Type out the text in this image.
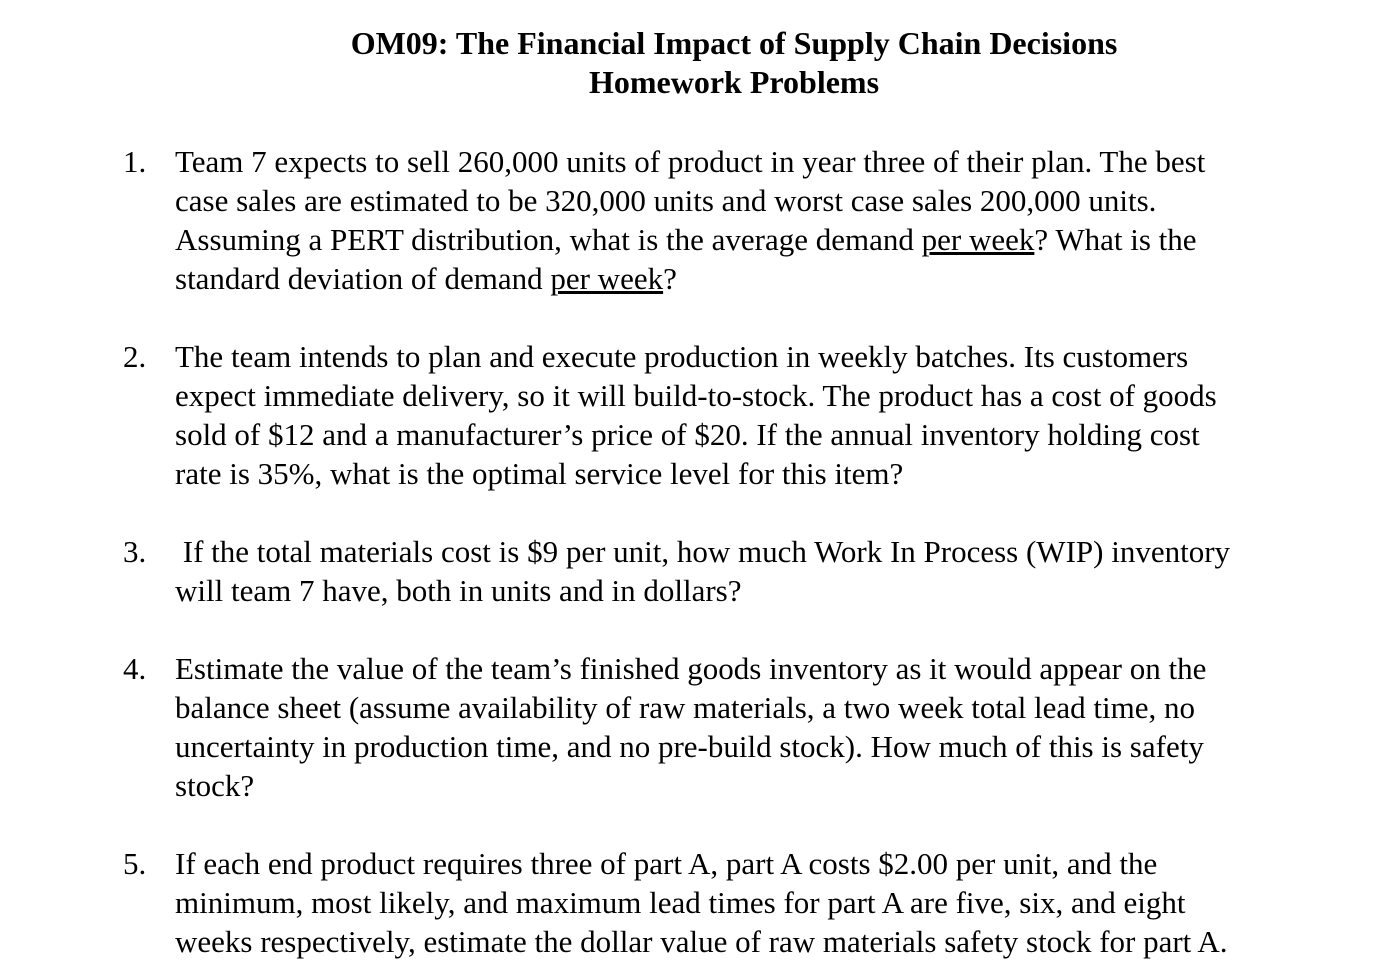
OM09: The Financial Impact of Supply Chain Decisions
Homework Problems
1. Team 7 expects to sell 260,000 units of product in year three of their plan. The best
case sales are estimated to be 320,000 units and worst case sales 200,000 units.
Assuming a PERT distribution, what is the average demand per week? What is the
standard deviation of demand per week?
2. The team intends to plan and execute production in weekly batches. Its customers
expect immediate delivery, so it will build-to-stock. The product has a cost of goods
sold of $12 and a manufacturer’s price of $20. If the annual inventory holding cost
rate is 35%, what is the optimal service level for this item?
3. If the total materials cost is $9 per unit, how much Work In Process (WIP) inventory
will team 7 have, both in units and in dollars?
4. Estimate the value of the team’s finished goods inventory as it would appear on the
balance sheet (assume availability of raw materials, a two week total lead time, no
uncertainty in production time, and no pre-build stock). How much of this is safety
stock?
5. If each end product requires three of part A, part A costs $2.00 per unit, and the
minimum, most likely, and maximum lead times for part A are five, six, and eight
weeks respectively, estimate the dollar value of raw materials safety stock for part A.
